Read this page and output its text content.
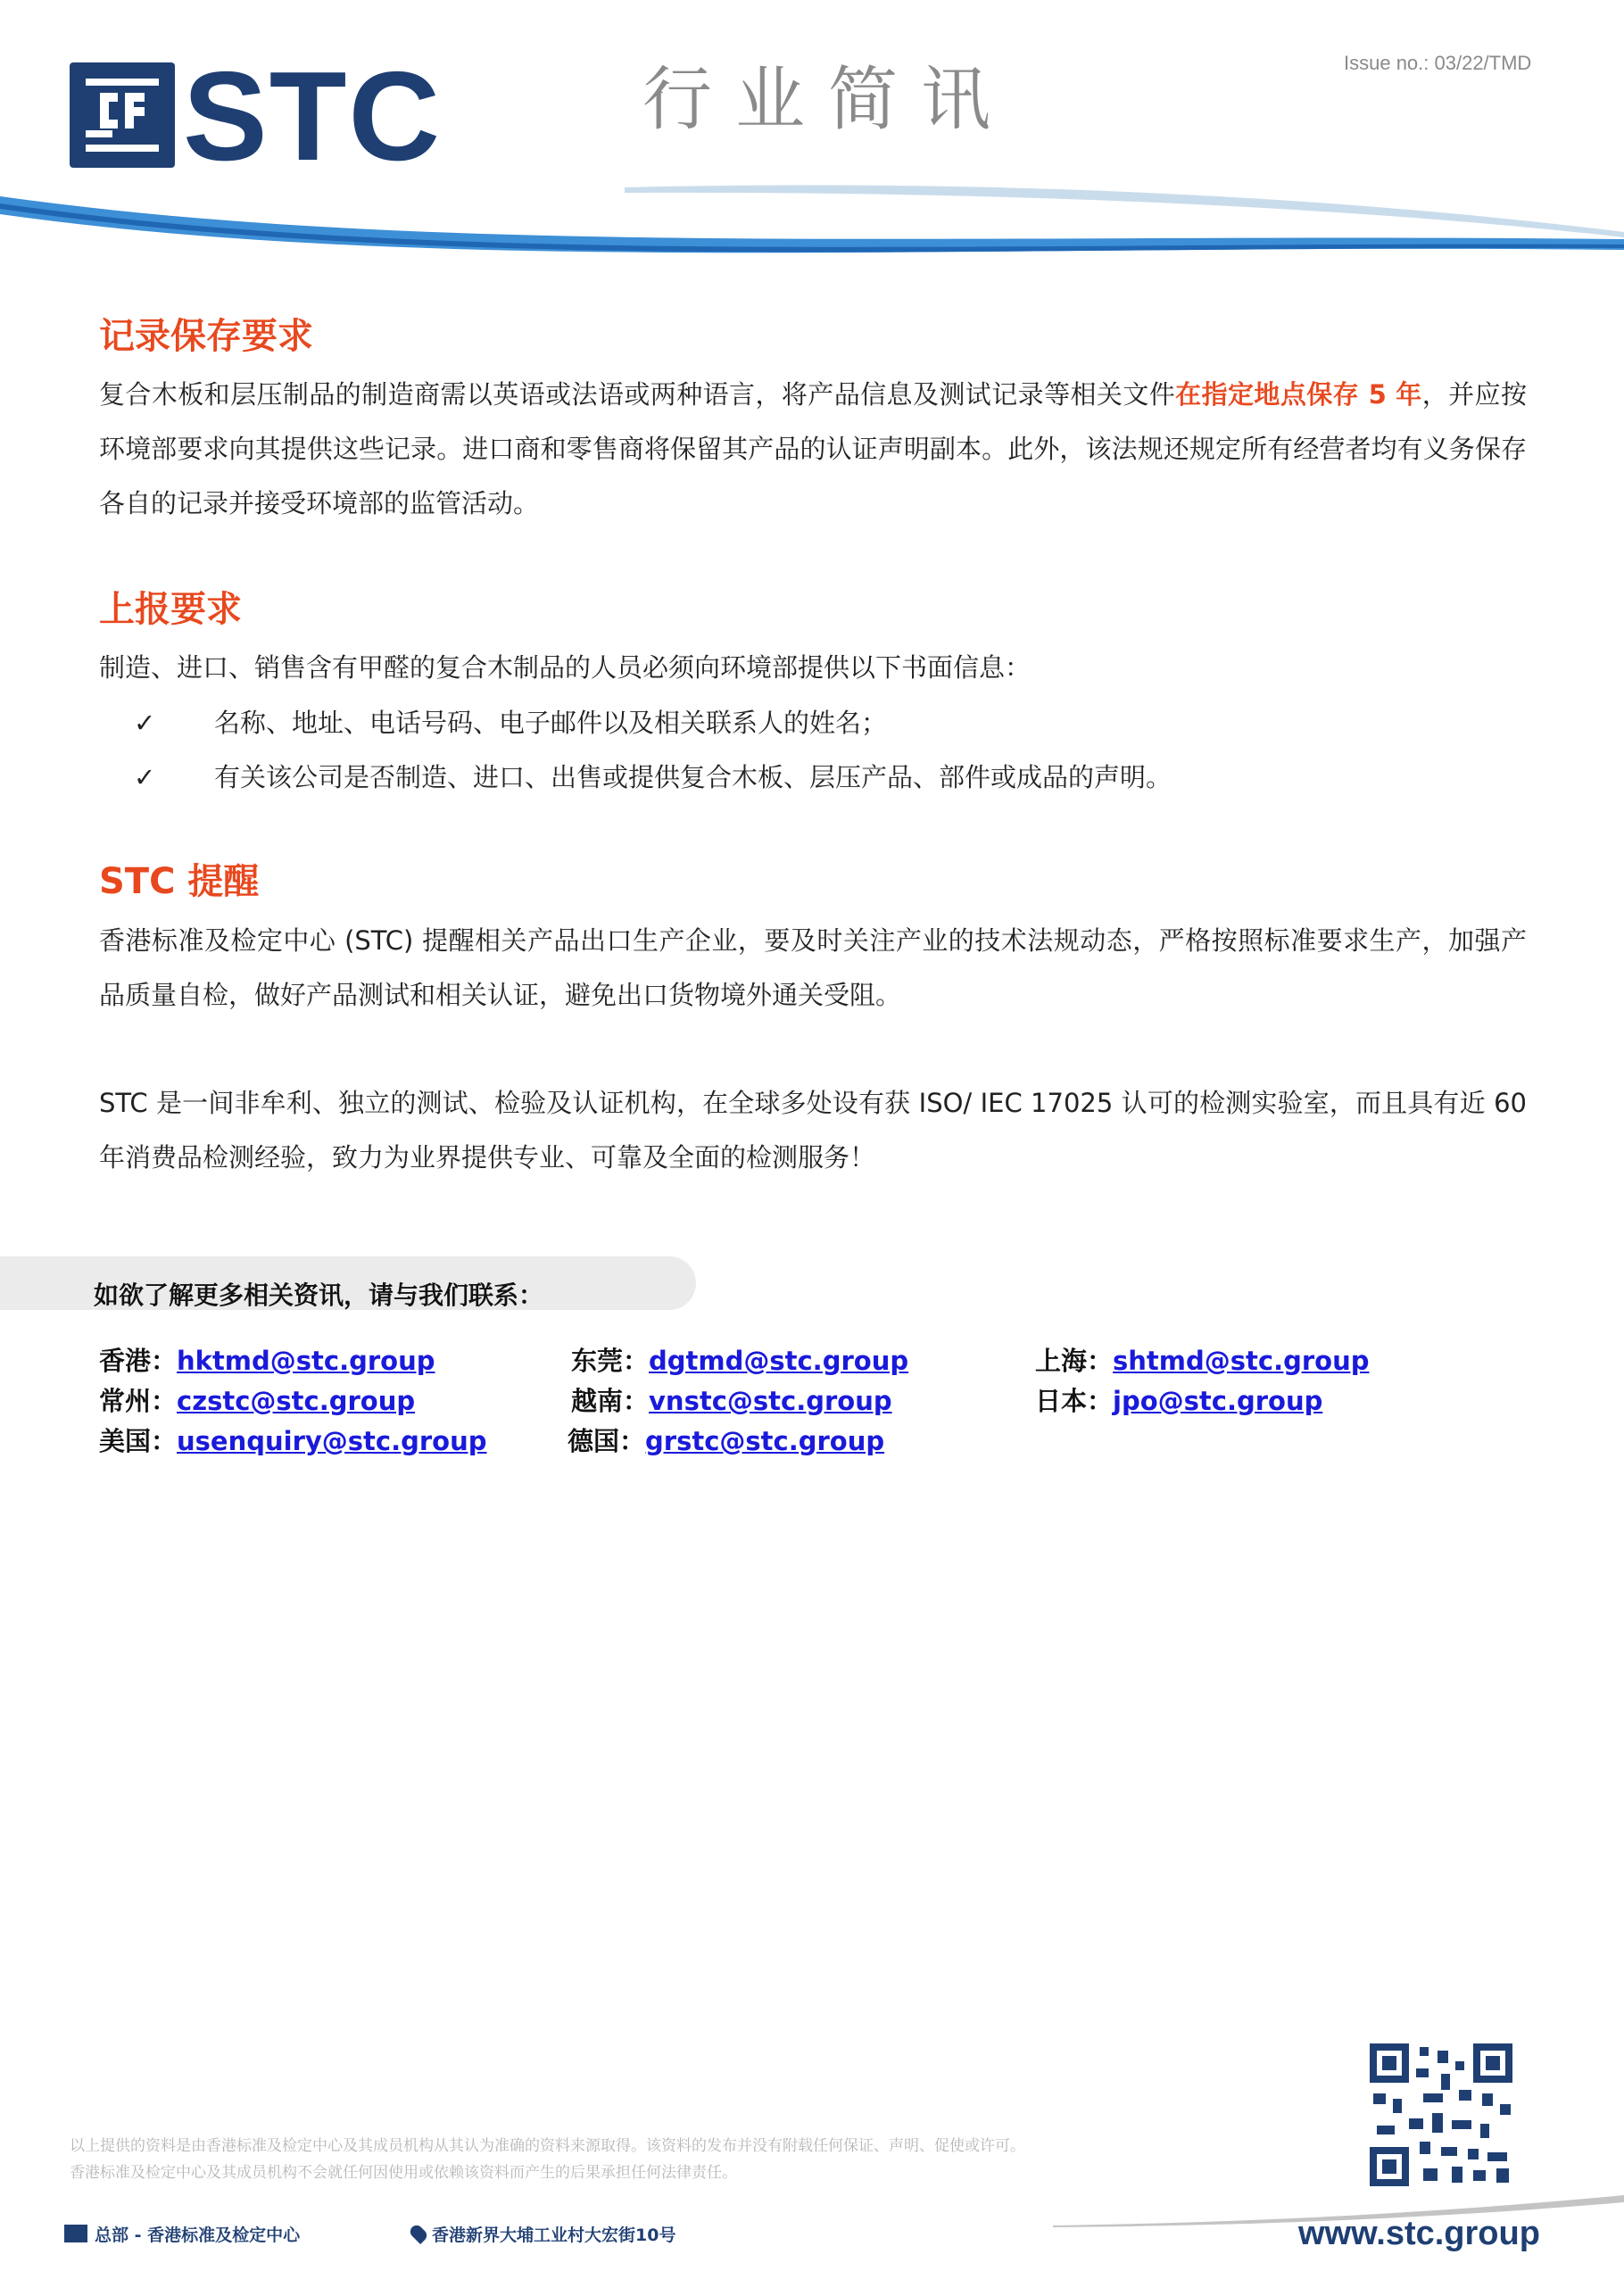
STC	行业简讯	Issue no.: 03/22/TMD
记录保存要求
复合木板和层压制品的制造商需以英语或法语或两种语言，将产品信息及测试记录等相关文件在指定地点保存 5 年，并应按环境部要求向其提供这些记录。进口商和零售商将保留其产品的认证声明副本。此外，该法规还规定所有经营者均有义务保存各自的记录并接受环境部的监管活动。
上报要求
制造、进口、销售含有甲醛的复合木制品的人员必须向环境部提供以下书面信息：
✓ 名称、地址、电话号码、电子邮件以及相关联系人的姓名；
✓ 有关该公司是否制造、进口、出售或提供复合木板、层压产品、部件或成品的声明。
STC 提醒
香港标准及检定中心 (STC) 提醒相关产品出口生产企业，要及时关注产业的技术法规动态，严格按照标准要求生产，加强产品质量自检，做好产品测试和相关认证，避免出口货物境外通关受阻。
STC 是一间非牟利、独立的测试、检验及认证机构，在全球多处设有获 ISO/ IEC 17025 认可的检测实验室，而且具有近 60 年消费品检测经验，致力为业界提供专业、可靠及全面的检测服务！
如欲了解更多相关资讯，请与我们联系：
香港：hktmd@stc.group	东莞：dgtmd@stc.group	上海：shtmd@stc.group
常州：czstc@stc.group	越南：vnstc@stc.group	日本：jpo@stc.group
美国：usenquiry@stc.group	德国：grstc@stc.group
以上提供的资料是由香港标准及检定中心及其成员机构从其认为准确的资料来源取得。该资料的发布并没有附载任何保证、声明、促使或许可。
香港标准及检定中心及其成员机构不会就任何因使用或依赖该资料而产生的后果承担任何法律责任。
总部 - 香港标准及检定中心	香港新界大埔工业村大宏街10号	www.stc.group
